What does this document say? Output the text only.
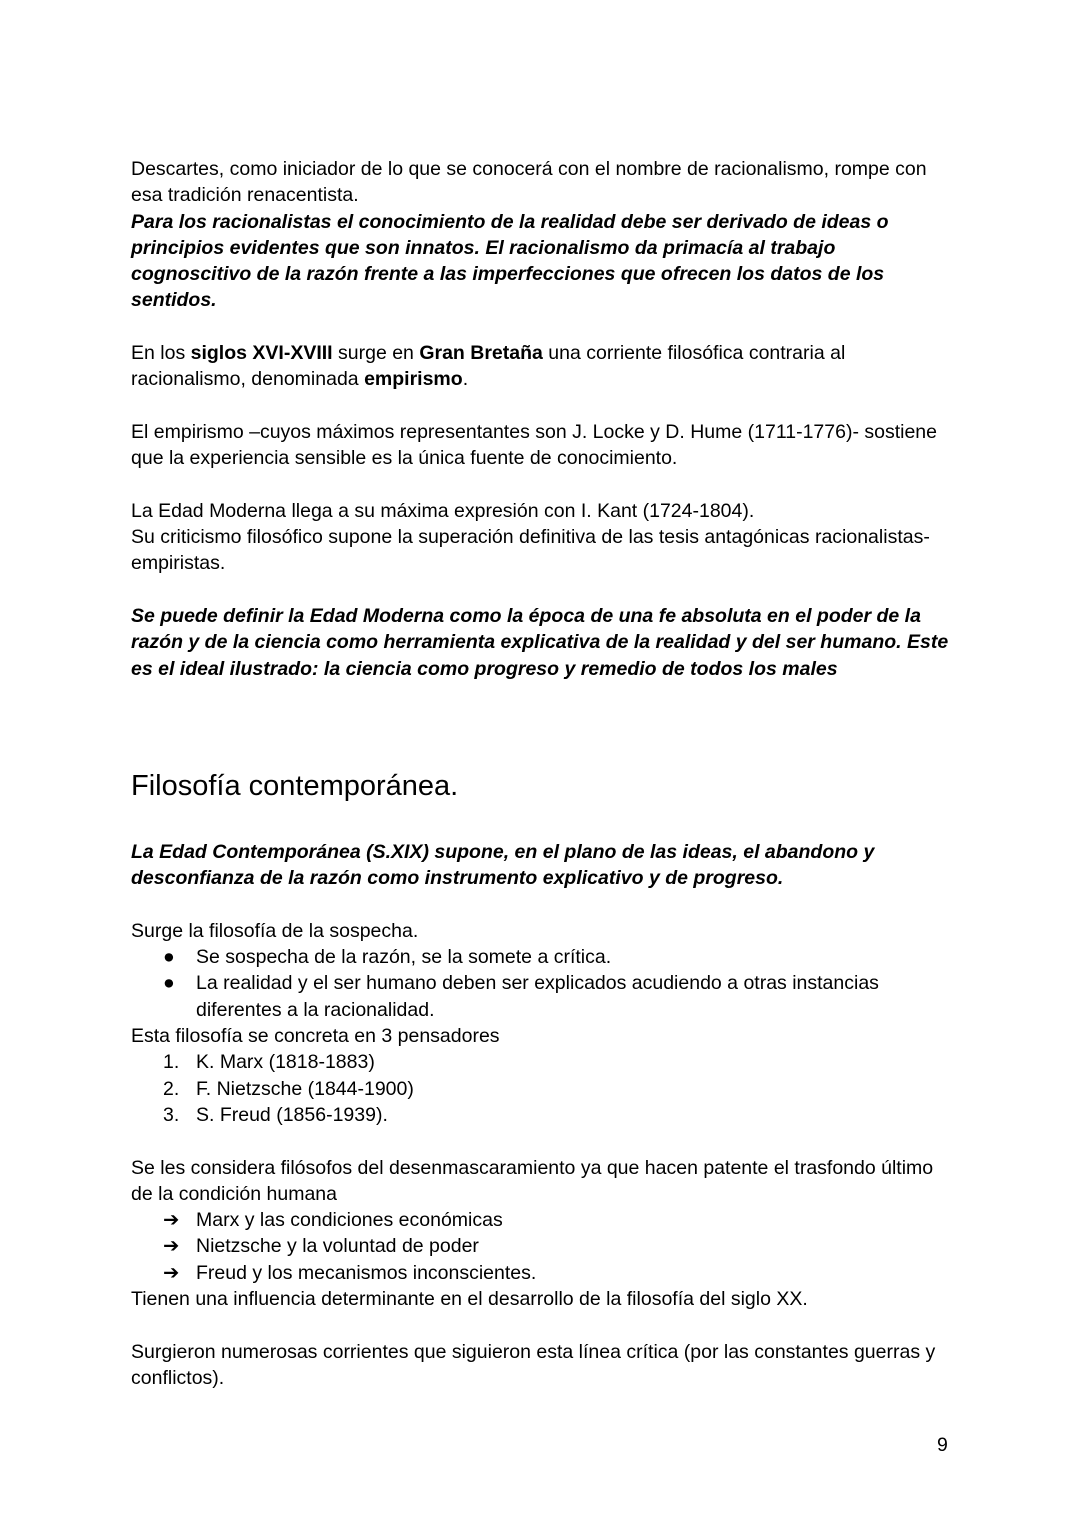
Descartes, como iniciador de lo que se conocerá con el nombre de racionalismo, rompe con esa tradición renacentista.

Para los racionalistas el conocimiento de la realidad debe ser derivado de ideas o principios evidentes que son innatos. El racionalismo da primacía al trabajo cognoscitivo de la razón frente a las imperfecciones que ofrecen los datos de los sentidos.

En los siglos XVI-XVIII surge en Gran Bretaña una corriente filosófica contraria al racionalismo, denominada empirismo.

El empirismo –cuyos máximos representantes son J. Locke y D. Hume (1711-1776)- sostiene que la experiencia sensible es la única fuente de conocimiento.

La Edad Moderna llega a su máxima expresión con I. Kant (1724-1804).

Su criticismo filosófico supone la superación definitiva de las tesis antagónicas racionalistas-empiristas.

Se puede definir la Edad Moderna como la época de una fe absoluta en el poder de la razón y de la ciencia como herramienta explicativa de la realidad y del ser humano. Este es el ideal ilustrado: la ciencia como progreso y remedio de todos los males

Filosofía contemporánea.

La Edad Contemporánea (S.XIX) supone, en el plano de las ideas, el abandono y desconfianza de la razón como instrumento explicativo y de progreso.

Surge la filosofía de la sospecha.

● Se sospecha de la razón, se la somete a crítica.
● La realidad y el ser humano deben ser explicados acudiendo a otras instancias diferentes a la racionalidad.

Esta filosofía se concreta en 3 pensadores

1. K. Marx (1818-1883)
2. F. Nietzsche (1844-1900)
3. S. Freud (1856-1939).

Se les considera filósofos del desenmascaramiento ya que hacen patente el trasfondo último de la condición humana

➔ Marx y las condiciones económicas
➔ Nietzsche y la voluntad de poder
➔ Freud y los mecanismos inconscientes.

Tienen una influencia determinante en el desarrollo de la filosofía del siglo XX.

Surgieron numerosas corrientes que siguieron esta línea crítica (por las constantes guerras y conflictos).

9
